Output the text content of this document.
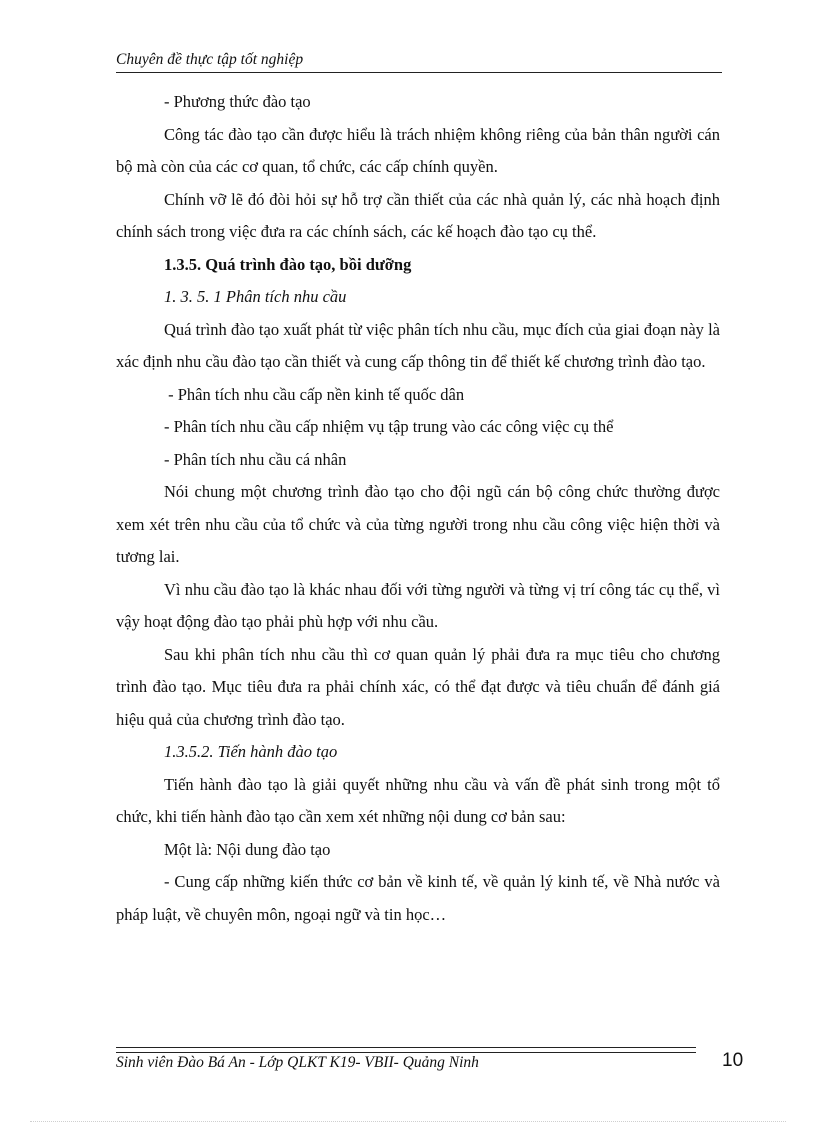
Chuyên đề thực tập tốt nghiệp

- Phương thức đào tạo

Công tác đào tạo cần được hiểu là trách nhiệm không riêng của bản thân người cán bộ mà còn của các cơ quan, tổ chức, các cấp chính quyền.

Chính vỡ lẽ đó đòi hỏi sự hỗ trợ cần thiết của các nhà quản lý, các nhà hoạch định chính sách trong việc đưa ra các chính sách, các kế hoạch đào tạo cụ thể.

1.3.5. Quá trình đào tạo, bồi dưỡng

1. 3. 5. 1 Phân tích nhu cầu

Quá trình đào tạo xuất phát từ việc phân tích nhu cầu, mục đích của giai đoạn này là xác định nhu cầu đào tạo cần thiết và cung cấp thông tin để thiết kế chương trình đào tạo.

- Phân tích nhu cầu cấp nền kinh tế quốc dân

- Phân tích nhu cầu cấp nhiệm vụ tập trung vào các công việc cụ thể

- Phân tích nhu cầu cá nhân

Nói chung một chương trình đào tạo cho đội ngũ cán bộ công chức thường được xem xét trên nhu cầu của tổ chức và của từng người trong nhu cầu công việc hiện thời và tương lai.

Vì nhu cầu đào tạo là khác nhau đối với từng người và từng vị trí công tác cụ thể, vì vậy hoạt động đào tạo phải phù hợp với nhu cầu.

Sau khi phân tích nhu cầu thì cơ quan quản lý phải đưa ra mục tiêu cho chương trình đào tạo. Mục tiêu đưa ra phải chính xác, có thể đạt được và tiêu chuẩn để đánh giá hiệu quả của chương trình đào tạo.

1.3.5.2. Tiến hành đào tạo

Tiến hành đào tạo là giải quyết những nhu cầu và vấn đề phát sinh trong một tổ chức, khi tiến hành đào tạo cần xem xét những nội dung cơ bản sau:

Một là: Nội dung đào tạo

- Cung cấp những kiến thức cơ bản về kinh tế, về quản lý kinh tế, về Nhà nước và pháp luật, về chuyên môn, ngoại ngữ và tin học…

Sinh viên Đào Bá An - Lớp QLKT K19- VBII- Quảng Ninh	10
